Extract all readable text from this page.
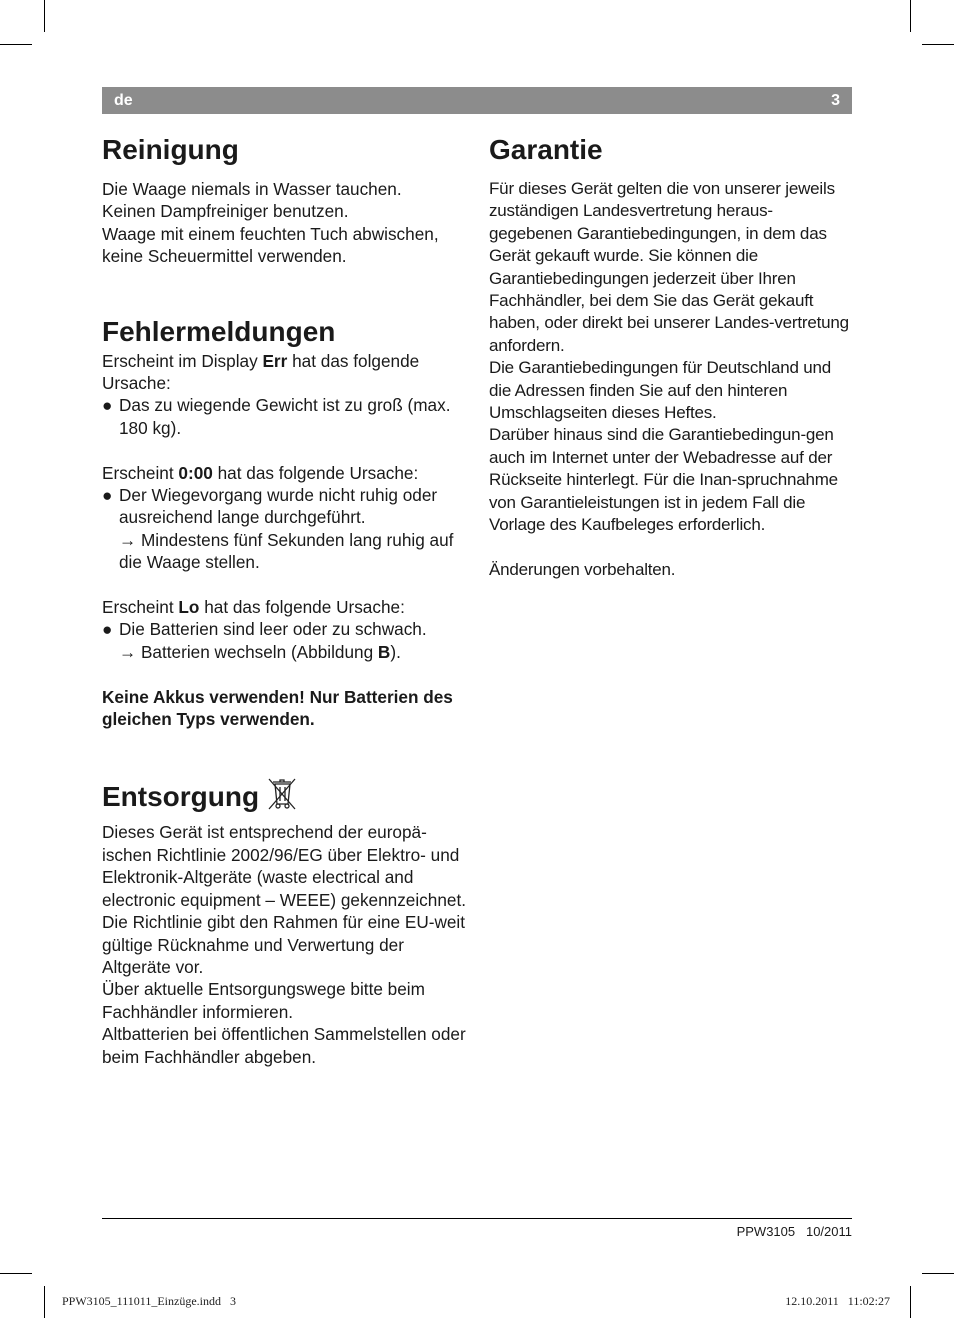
de	3
Reinigung

Die Waage niemals in Wasser tauchen.

Keinen Dampfreiniger benutzen.

Waage mit einem feuchten Tuch abwischen, keine Scheuermittel verwenden.

Fehlermeldungen

Erscheint im Display Err hat das folgende Ursache:

● Das zu wiegende Gewicht ist zu groß (max. 180 kg).

Erscheint 0:00 hat das folgende Ursache:

● Der Wiegevorgang wurde nicht ruhig oder ausreichend lange durchgeführt.
→ Mindestens fünf Sekunden lang ruhig auf die Waage stellen.

Erscheint Lo hat das folgende Ursache:

● Die Batterien sind leer oder zu schwach.
→ Batterien wechseln (Abbildung B).

Keine Akkus verwenden! Nur Batterien des gleichen Typs verwenden.

Entsorgung

Dieses Gerät ist entsprechend der europä-ischen Richtlinie 2002/96/EG über Elektro- und Elektronik-Altgeräte (waste electrical and electronic equipment – WEEE) gekennzeichnet.

Die Richtlinie gibt den Rahmen für eine EU-weit gültige Rücknahme und Verwertung der Altgeräte vor.

Über aktuelle Entsorgungswege bitte beim Fachhändler informieren.

Altbatterien bei öffentlichen Sammelstellen oder beim Fachhändler abgeben.

Garantie

Für dieses Gerät gelten die von unserer jeweils zuständigen Landesvertretung heraus-gegebenen Garantiebedingungen, in dem das Gerät gekauft wurde. Sie können die Garantiebedingungen jederzeit über Ihren Fachhändler, bei dem Sie das Gerät gekauft haben, oder direkt bei unserer Landes-vertretung anfordern.

Die Garantiebedingungen für Deutschland und die Adressen finden Sie auf den hinteren Umschlagseiten dieses Heftes.

Darüber hinaus sind die Garantiebedingun-gen auch im Internet unter der Webadresse auf der Rückseite hinterlegt. Für die Inan-spruchnahme von Garantieleistungen ist in jedem Fall die Vorlage des Kaufbeleges erforderlich.

Änderungen vorbehalten.

PPW3105 10/2011
PPW3105_111011_Einzüge.indd   3	12.10.2011   11:02:27
